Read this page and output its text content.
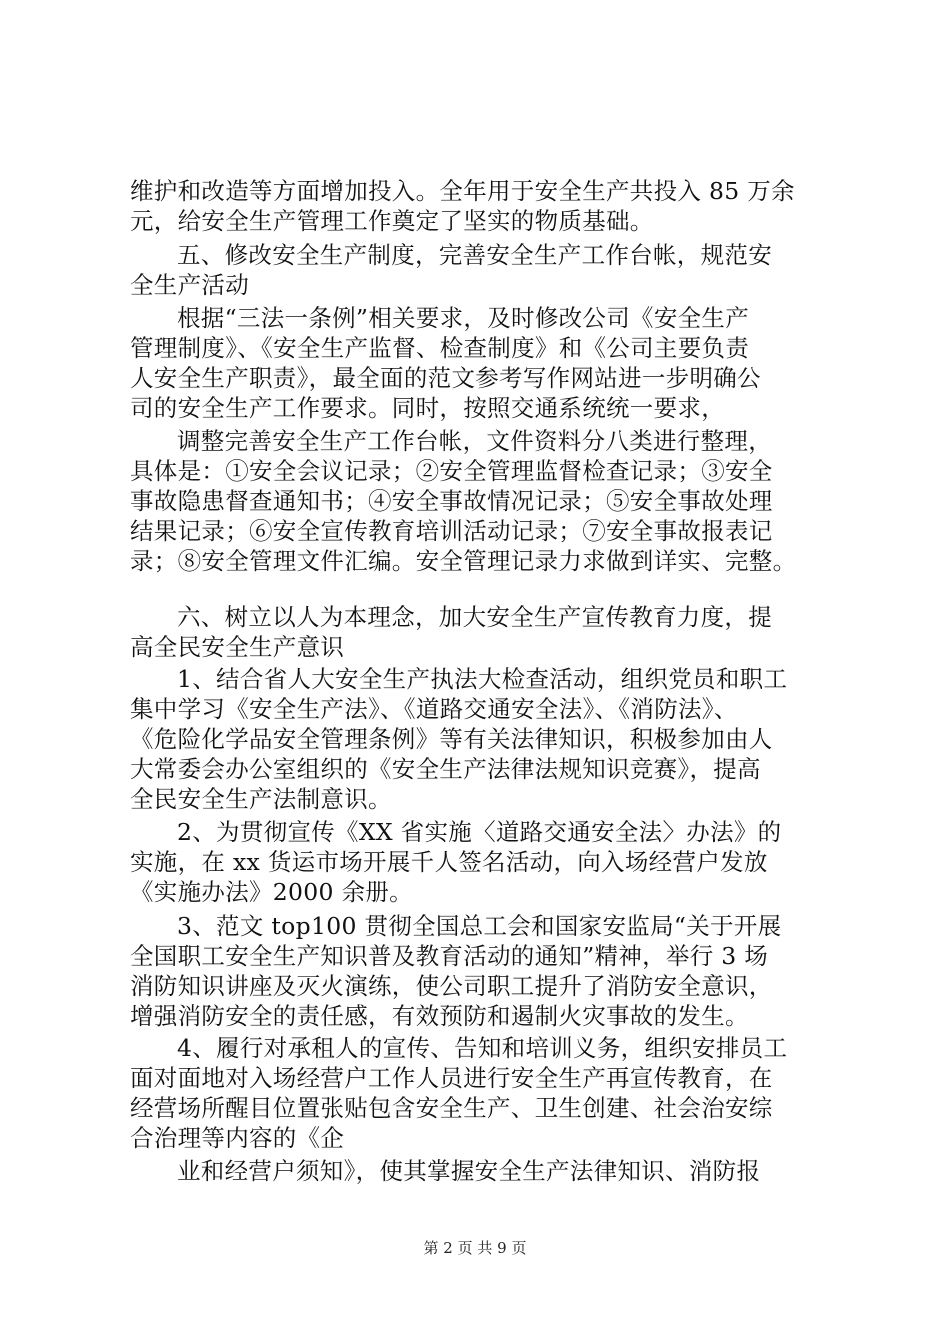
维护和改造等方面增加投入。全年用于安全生产共投入 85 万余
元，给安全生产管理工作奠定了坚实的物质基础。
五、修改安全生产制度，完善安全生产工作台帐，规范安
全生产活动
根据“三法一条例”相关要求，及时修改公司《安全生产
管理制度》、《安全生产监督、检查制度》和《公司主要负责
人安全生产职责》，最全面的范文参考写作网站进一步明确公
司的安全生产工作要求。同时，按照交通系统统一要求，
调整完善安全生产工作台帐，文件资料分八类进行整理，
具体是：①安全会议记录；②安全管理监督检查记录；③安全
事故隐患督查通知书；④安全事故情况记录；⑤安全事故处理
结果记录；⑥安全宣传教育培训活动记录；⑦安全事故报表记
录；⑧安全管理文件汇编。安全管理记录力求做到详实、完整。
六、树立以人为本理念，加大安全生产宣传教育力度，提
高全民安全生产意识
1、结合省人大安全生产执法大检查活动，组织党员和职工
集中学习《安全生产法》、《道路交通安全法》、《消防法》、
《危险化学品安全管理条例》等有关法律知识，积极参加由人
大常委会办公室组织的《安全生产法律法规知识竞赛》，提高
全民安全生产法制意识。
2、为贯彻宣传《XX 省实施〈道路交通安全法〉办法》的
实施，在 xx 货运市场开展千人签名活动，向入场经营户发放
《实施办法》2000 余册。
3、范文 top100 贯彻全国总工会和国家安监局“关于开展
全国职工安全生产知识普及教育活动的通知”精神，举行 3 场
消防知识讲座及灭火演练，使公司职工提升了消防安全意识，
增强消防安全的责任感，有效预防和遏制火灾事故的发生。
4、履行对承租人的宣传、告知和培训义务，组织安排员工
面对面地对入场经营户工作人员进行安全生产再宣传教育，在
经营场所醒目位置张贴包含安全生产、卫生创建、社会治安综
合治理等内容的《企
业和经营户须知》，使其掌握安全生产法律知识、消防报
第 2 页 共 9 页
